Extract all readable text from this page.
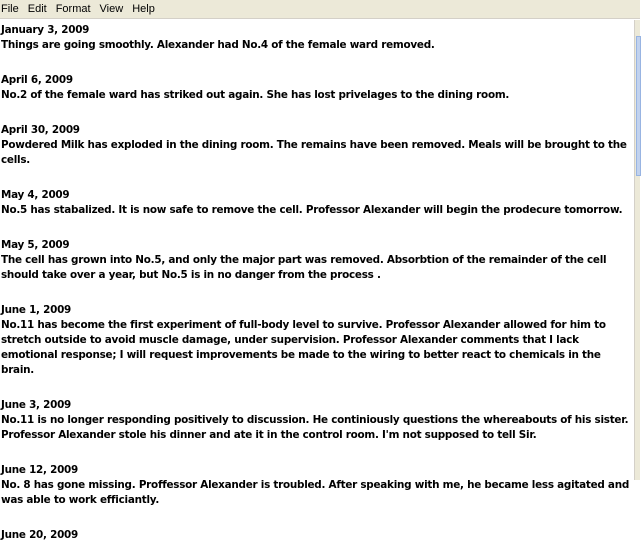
File Edit Format View Help
January 3, 2009
Things are going smoothly. Alexander had No.4 of the female ward removed.
April 6, 2009
No.2 of the female ward has striked out again. She has lost privelages to the dining room.
April 30, 2009
Powdered Milk has exploded in the dining room. The remains have been removed. Meals will be brought to the cells.
May 4, 2009
No.5 has stabalized. It is now safe to remove the cell. Professor Alexander will begin the prodecure tomorrow.
May 5, 2009
The cell has grown into No.5, and only the major part was removed. Absorbtion of the remainder of the cell should take over a year, but No.5 is in no danger from the process .
June 1, 2009
No.11 has become the first experiment of full-body level to survive. Professor Alexander allowed for him to stretch outside to avoid muscle damage, under supervision. Professor Alexander comments that I lack emotional response; I will request improvements be made to the wiring to better react to chemicals in the brain.
June 3, 2009
No.11 is no longer responding positively to discussion. He continiously questions the whereabouts of his sister. Professor Alexander stole his dinner and ate it in the control room. I'm not supposed to tell Sir.
June 12, 2009
No. 8 has gone missing. Proffessor Alexander is troubled. After speaking with me, he became less agitated and was able to work efficiantly.
June 20, 2009
